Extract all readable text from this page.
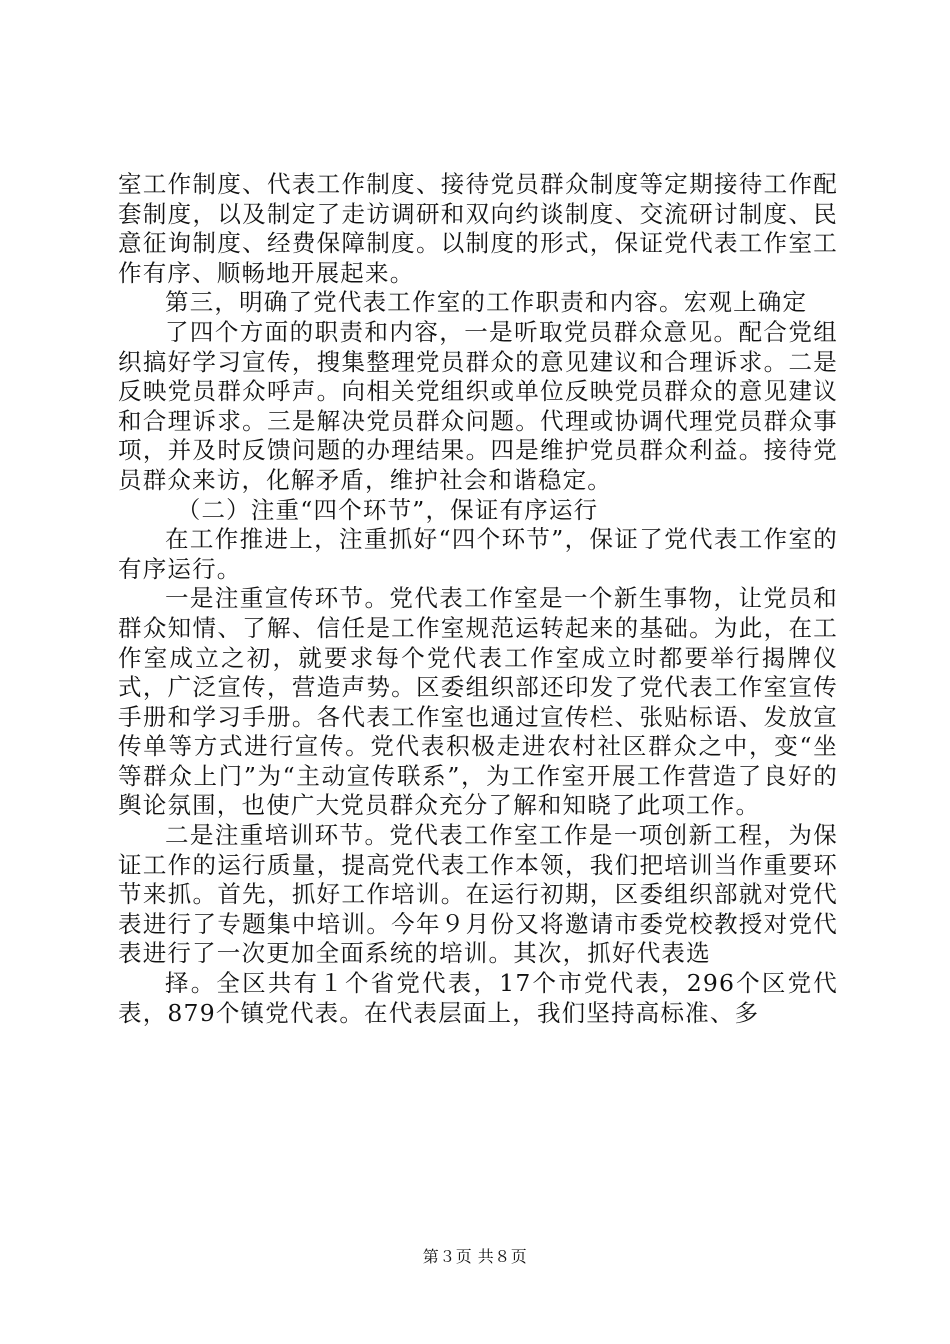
室工作制度、代表工作制度、接待党员群众制度等定期接待工作配套制度，以及制定了走访调研和双向约谈制度、交流研讨制度、民意征询制度、经费保障制度。以制度的形式，保证党代表工作室工作有序、顺畅地开展起来。

第三，明确了党代表工作室的工作职责和内容。宏观上确定

了四个方面的职责和内容，一是听取党员群众意见。配合党组织搞好学习宣传，搜集整理党员群众的意见建议和合理诉求。二是反映党员群众呼声。向相关党组织或单位反映党员群众的意见建议和合理诉求。三是解决党员群众问题。代理或协调代理党员群众事项，并及时反馈问题的办理结果。四是维护党员群众利益。接待党员群众来访，化解矛盾，维护社会和谐稳定。

（二）注重“四个环节”，保证有序运行

在工作推进上，注重抓好“四个环节”，保证了党代表工作室的有序运行。

一是注重宣传环节。党代表工作室是一个新生事物，让党员和群众知情、了解、信任是工作室规范运转起来的基础。为此，在工作室成立之初，就要求每个党代表工作室成立时都要举行揭牌仪式，广泛宣传，营造声势。区委组织部还印发了党代表工作室宣传手册和学习手册。各代表工作室也通过宣传栏、张贴标语、发放宣传单等方式进行宣传。党代表积极走进农村社区群众之中，变“坐等群众上门”为“主动宣传联系”，为工作室开展工作营造了良好的舆论氛围，也使广大党员群众充分了解和知晓了此项工作。

二是注重培训环节。党代表工作室工作是一项创新工程，为保证工作的运行质量，提高党代表工作本领，我们把培训当作重要环节来抓。首先，抓好工作培训。在运行初期，区委组织部就对党代表进行了专题集中培训。今年９月份又将邀请市委党校教授对党代表进行了一次更加全面系统的培训。其次，抓好代表选

择。全区共有１个省党代表，17个市党代表，296个区党代表，879个镇党代表。在代表层面上，我们坚持高标准、多

第３页 共８页
